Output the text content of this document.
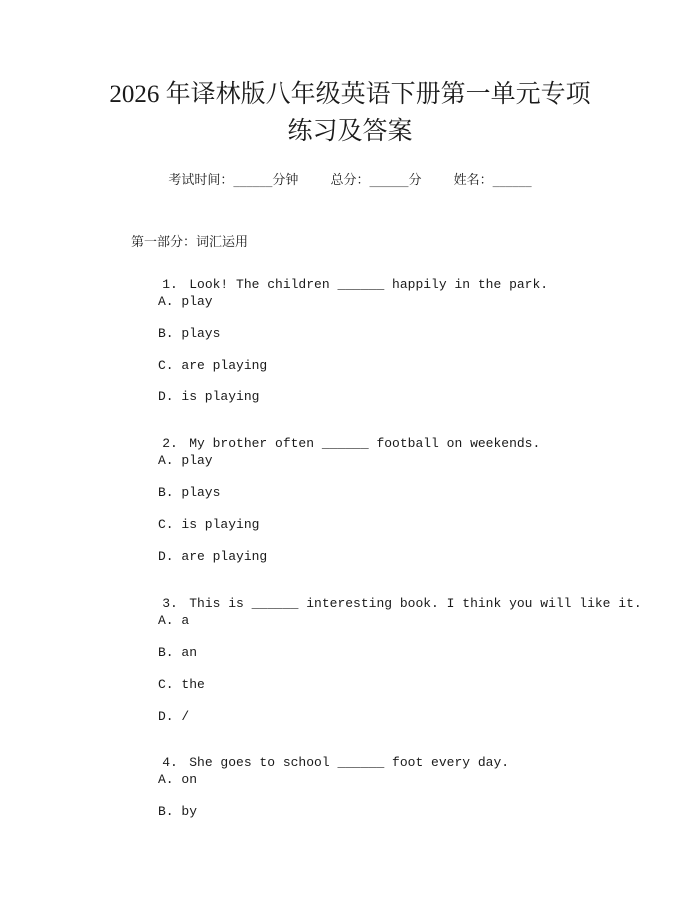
2026 年译林版八年级英语下册第一单元专项
练习及答案
考试时间：______分钟 总分：______分 姓名：______
第一部分：词汇运用

1. Look! The children ______ happily in the park.

A. play
B. plays
C. are playing
D. is playing

2. My brother often ______ football on weekends.

A. play
B. plays
C. is playing
D. are playing

3. This is ______ interesting book. I think you will like it.

A. a
B. an
C. the
D. /

4. She goes to school ______ foot every day.

A. on
B. by
